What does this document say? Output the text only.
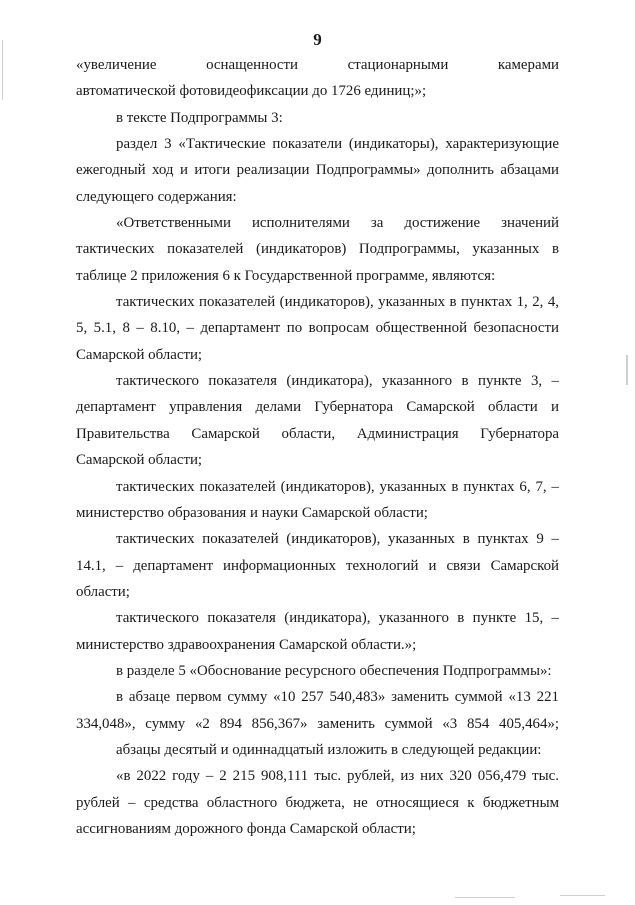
9

«увеличение оснащенности стационарными камерами
автоматической фотовидеофиксации до 1726 единиц;»;

в тексте Подпрограммы 3:

раздел 3 «Тактические показатели (индикаторы), характеризующие ежегодный ход и итоги реализации Подпрограммы» дополнить абзацами следующего содержания:

«Ответственными исполнителями за достижение значений тактических показателей (индикаторов) Подпрограммы, указанных в таблице 2 приложения 6 к Государственной программе, являются:

тактических показателей (индикаторов), указанных в пунктах 1, 2, 4, 5, 5.1, 8 – 8.10, – департамент по вопросам общественной безопасности Самарской области;

тактического показателя (индикатора), указанного в пункте 3, – департамент управления делами Губернатора Самарской области и Правительства Самарской области, Администрация Губернатора Самарской области;

тактических показателей (индикаторов), указанных в пунктах 6, 7, – министерство образования и науки Самарской области;

тактических показателей (индикаторов), указанных в пунктах 9 – 14.1, – департамент информационных технологий и связи Самарской области;

тактического показателя (индикатора), указанного в пункте 15, – министерство здравоохранения Самарской области.»;

в разделе 5 «Обоснование ресурсного обеспечения Подпрограммы»:

в абзаце первом сумму «10 257 540,483» заменить суммой «13 221 334,048», сумму «2 894 856,367» заменить суммой «3 854 405,464»;

абзацы десятый и одиннадцатый изложить в следующей редакции:

«в 2022 году – 2 215 908,111 тыс. рублей, из них 320 056,479 тыс. рублей – средства областного бюджета, не относящиеся к бюджетным ассигнованиям дорожного фонда Самарской области;
